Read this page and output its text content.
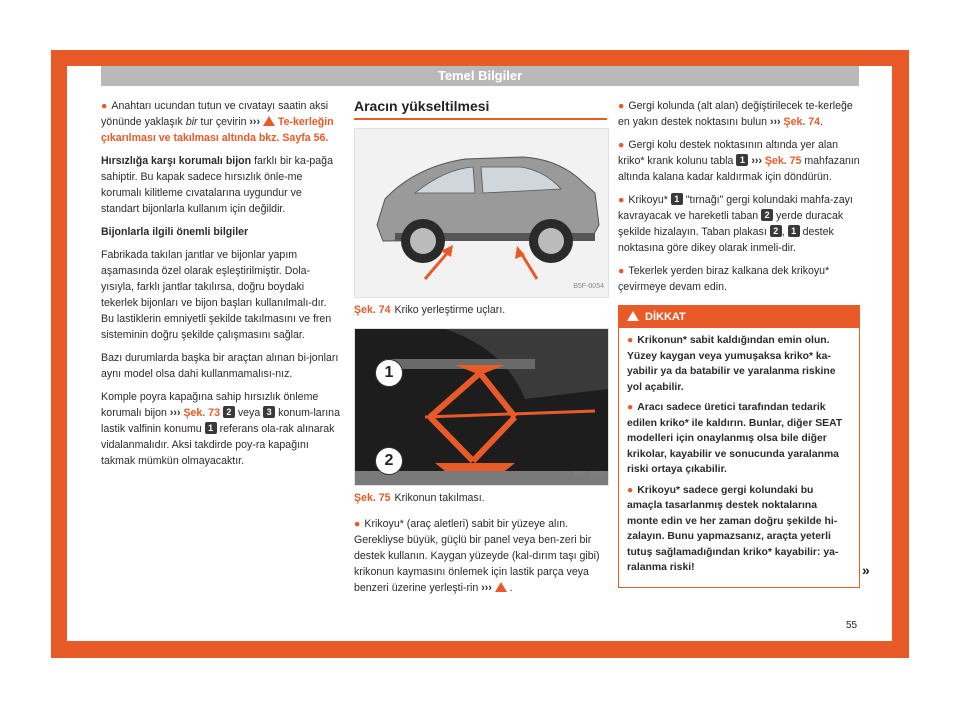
Temel Bilgiler

● Anahtarı ucundan tutun ve cıvatayı saatin aksi yönünde yaklaşık bir tur çevirin ››› Te-kerleğin çıkarılması ve takılması altında bkz. Sayfa 56.

Hırsızlığa karşı korumalı bijon farklı bir ka-pağa sahiptir. Bu kapak sadece hırsızlık önle-me korumalı kilitleme cıvatalarına uygundur ve standart bijonlarla kullanım için değildir.

Bijonlarla ilgili önemli bilgiler

Fabrikada takılan jantlar ve bijonlar yapım aşamasında özel olarak eşleştirilmiştir. Dola-yısıyla, farklı jantlar takılırsa, doğru boydaki tekerlek bijonları ve bijon başları kullanılmalı-dır. Bu lastiklerin emniyetli şekilde takılmasını ve fren sisteminin doğru şekilde çalışmasını sağlar.

Bazı durumlarda başka bir araçtan alınan bi-jonları aynı model olsa dahi kullanmamalısı-nız.

Komple poyra kapağına sahip hırsızlık önleme korumalı bijon ››› Şek. 73 2 veya 3 konum-larına lastik valfinin konumu 1 referans ola-rak alınarak vidalanmalıdır. Aksi takdirde poy-ra kapağını takmak mümkün olmayacaktır.

Aracın yükseltilmesi
B5F-0054
Şek. 74 Kriko yerleştirme uçları.
1
2
B5F-1030
Şek. 75 Krikonun takılması.

● Krikoyu* (araç aletleri) sabit bir yüzeye alın. Gerekliyse büyük, güçlü bir panel veya ben-zeri bir destek kullanın. Kaygan yüzeyde (kal-dırım taşı gibi) krikonun kaymasını önlemek için lastik parça veya benzeri üzerine yerleşti-rin ›››  .

● Gergi kolunda (alt alan) değiştirilecek te-kerleğe en yakın destek noktasını bulun ››› Şek. 74.

● Gergi kolu destek noktasının altında yer alan kriko* krank kolunu tabla 1 ››› Şek. 75 mahfazanın altında kalana kadar kaldırmak için döndürün.

● Krikoyu* 1 "tırnağı" gergi kolundaki mahfa-zayı kavrayacak ve hareketli taban 2 yerde duracak şekilde hizalayın. Taban plakası 2 , 1 destek noktasına göre dikey olarak inmeli-dir.

● Tekerlek yerden biraz kalkana dek krikoyu* çevirmeye devam edin.

DİKKAT

● Krikonun* sabit kaldığından emin olun. Yüzey kaygan veya yumuşaksa kriko* ka-yabilir ya da batabilir ve yaralanma riskine yol açabilir.

● Aracı sadece üretici tarafından tedarik edilen kriko* ile kaldırın. Bunlar, diğer SEAT modelleri için onaylanmış olsa bile diğer krikolar, kayabilir ve sonucunda yaralanma riski ortaya çıkabilir.

● Krikoyu* sadece gergi kolundaki bu amaçla tasarlanmış destek noktalarına monte edin ve her zaman doğru şekilde hi-zalayın. Bunu yapmazsanız, araçta yeterli tutuş sağlamadığından kriko* kayabilir: ya-ralanma riski!	»
55
